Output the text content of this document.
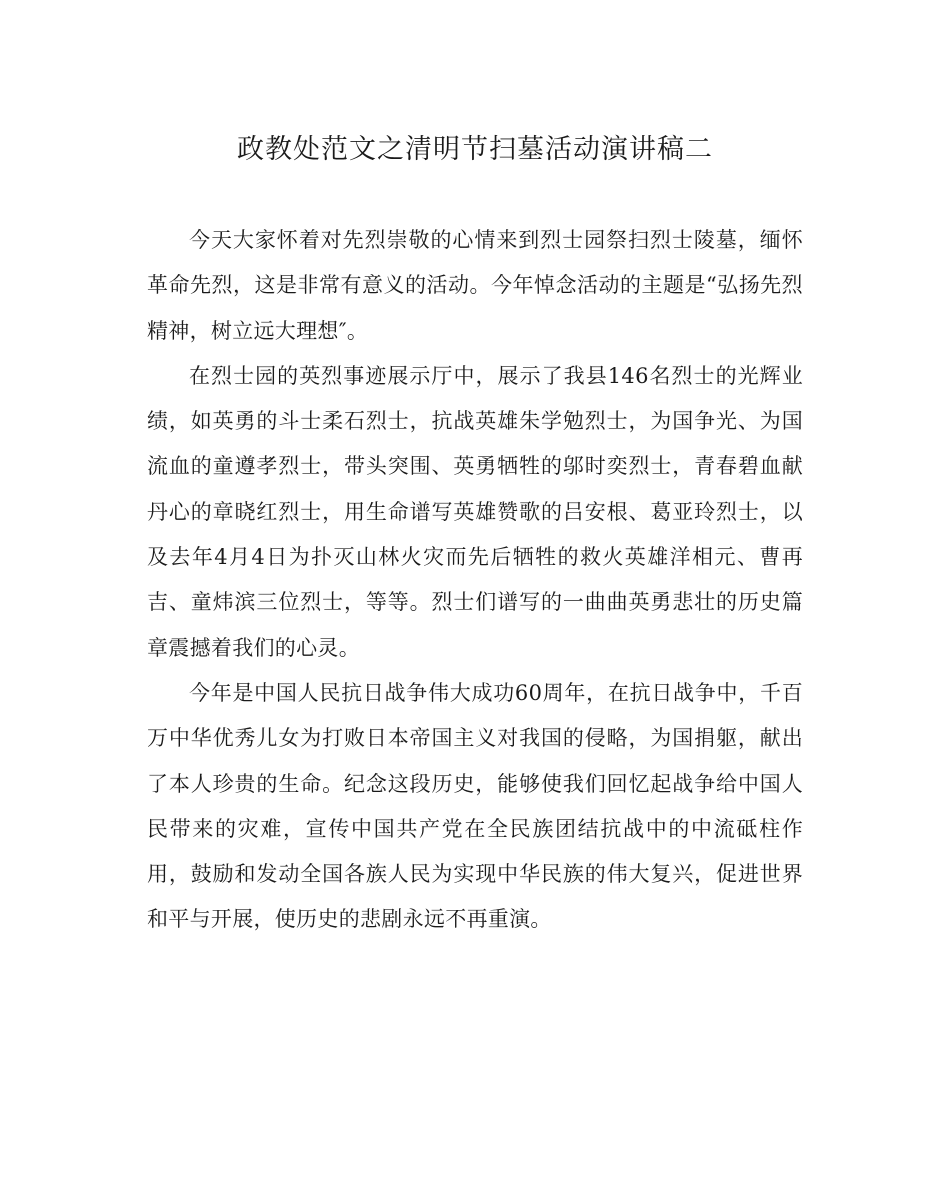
政教处范文之清明节扫墓活动演讲稿二

今天大家怀着对先烈崇敬的心情来到烈士园祭扫烈士陵墓，缅怀革命先烈，这是非常有意义的活动。今年悼念活动的主题是“弘扬先烈精神，树立远大理想″。

在烈士园的英烈事迹展示厅中，展示了我县146名烈士的光辉业绩，如英勇的斗士柔石烈士，抗战英雄朱学勉烈士，为国争光、为国流血的童遵孝烈士，带头突围、英勇牺牲的邬时奕烈士，青春碧血献丹心的章晓红烈士，用生命谱写英雄赞歌的吕安根、葛亚玲烈士，以及去年4月4日为扑灭山林火灾而先后牺牲的救火英雄洋相元、曹再吉、童炜滨三位烈士，等等。烈士们谱写的一曲曲英勇悲壮的历史篇章震撼着我们的心灵。

今年是中国人民抗日战争伟大成功60周年，在抗日战争中，千百万中华优秀儿女为打败日本帝国主义对我国的侵略，为国捐躯，献出了本人珍贵的生命。纪念这段历史，能够使我们回忆起战争给中国人民带来的灾难，宣传中国共产党在全民族团结抗战中的中流砥柱作用，鼓励和发动全国各族人民为实现中华民族的伟大复兴，促进世界和平与开展，使历史的悲剧永远不再重演。
